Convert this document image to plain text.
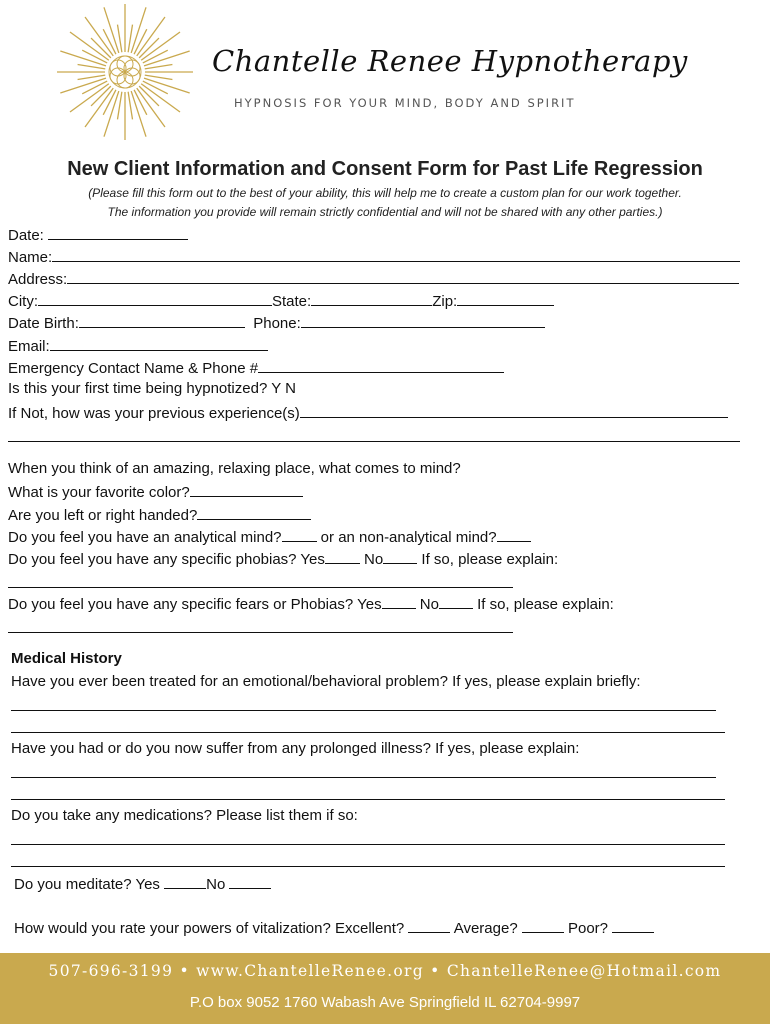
Chantelle Renee Hypnotherapy
HYPNOSIS FOR YOUR MIND, BODY AND SPIRIT
New Client Information and Consent Form for Past Life Regression
(Please fill this form out to the best of your ability, this will help me to create a custom plan for our work together.
The information you provide will remain strictly confidential and will not be shared with any other parties.)
Date:
Name:
Address:
City:	State:	Zip:
Date Birth:	Phone:
Email:
Emergency Contact Name & Phone #
Is this your first time being hypnotized? Y N
If Not, how was your previous experience(s)
When you think of an amazing, relaxing place, what comes to mind?
What is your favorite color?
Are you left or right handed?
Do you feel you have an analytical mind? or an non-analytical mind?
Do you feel you have any specific phobias? Yes No If so, please explain:
Do you feel you have any specific fears or Phobias? Yes No If so, please explain:
Medical History
Have you ever been treated for an emotional/behavioral problem? If yes, please explain briefly:
Have you had or do you now suffer from any prolonged illness? If yes, please explain:
Do you take any medications? Please list them if so:
Do you meditate? Yes	No
How would you rate your powers of vitalization? Excellent?	Average?	Poor?
507-696-3199 • www.ChantelleRenee.org • ChantelleRenee@Hotmail.com
P.O box 9052 1760 Wabash Ave Springfield IL 62704-9997
